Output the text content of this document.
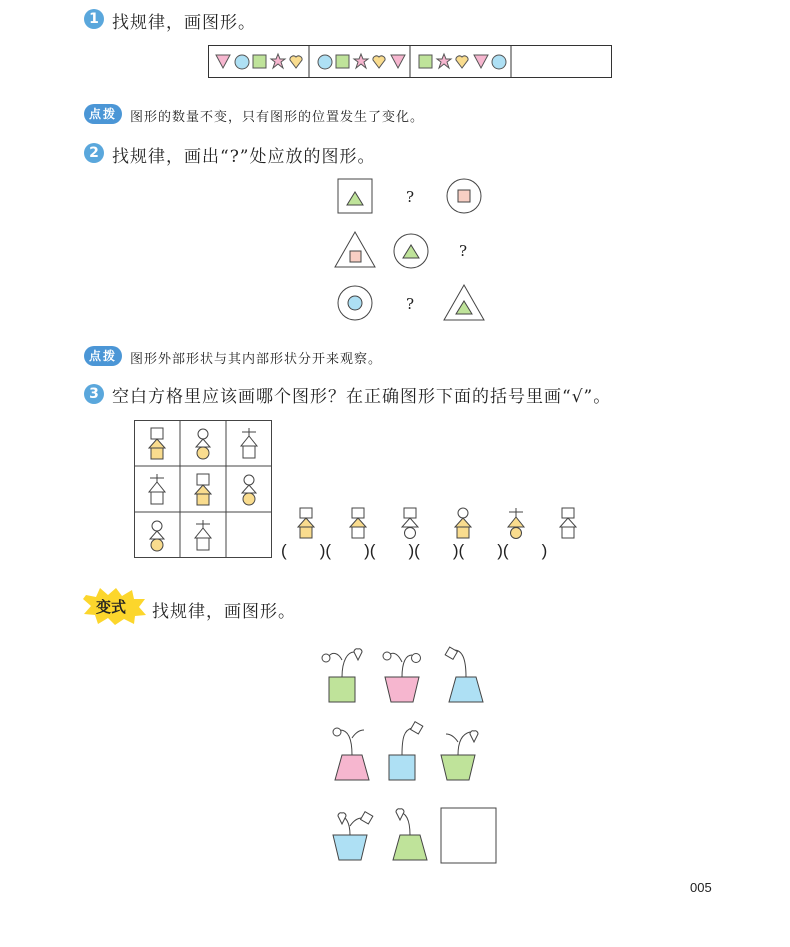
1 找规律，画图形。
点拨	图形的数量不变，只有图形的位置发生了变化。
2 找规律，画出“?”处应放的图形。
?
?
?
点拨	图形外部形状与其内部形状分开来观察。
3 空白方格里应该画哪个图形？在正确图形下面的括号里画“√”。
(       )(       )(       )(       )(       )(       )
变式 找规律，画图形。
005
